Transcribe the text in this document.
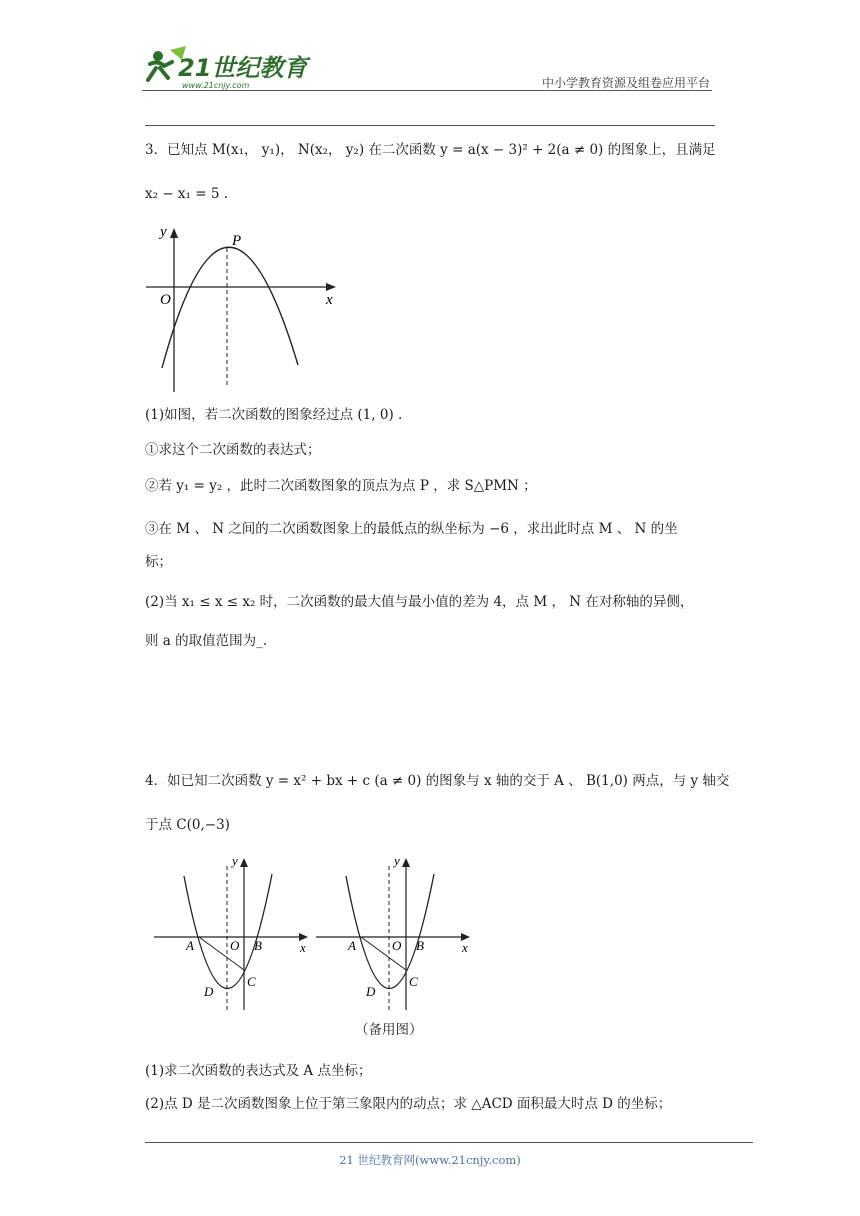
21世纪教育
www.21cnjy.com	中小学教育资源及组卷应用平台
3．已知点 M(x₁， y₁)， N(x₂， y₂) 在二次函数 y = a(x − 3)² + 2(a ≠ 0) 的图象上，且满足
x₂ − x₁ = 5 .
y
x
O
P
(1)如图，若二次函数的图象经过点 (1, 0) .
①求这个二次函数的表达式；
②若 y₁ = y₂ ，此时二次函数图象的顶点为点 P ，求 S△PMN ；
③在 M 、 N 之间的二次函数图象上的最低点的纵坐标为 −6 ，求出此时点 M 、 N 的坐
标；
(2)当 x₁ ≤ x ≤ x₂ 时，二次函数的最大值与最小值的差为 4，点 M ， N 在对称轴的异侧，
则 a 的取值范围为_.
4．如已知二次函数 y = x² + bx + c (a ≠ 0) 的图象与 x 轴的交于 A 、 B(1,0) 两点，与 y 轴交
于点 C(0,−3)
y
x
O
A	B
C
D
y
x
O
A	B
C
D
（备用图）
(1)求二次函数的表达式及 A 点坐标；
(2)点 D 是二次函数图象上位于第三象限内的动点；求 △ACD 面积最大时点 D 的坐标；
21 世纪教育网(www.21cnjy.com)
